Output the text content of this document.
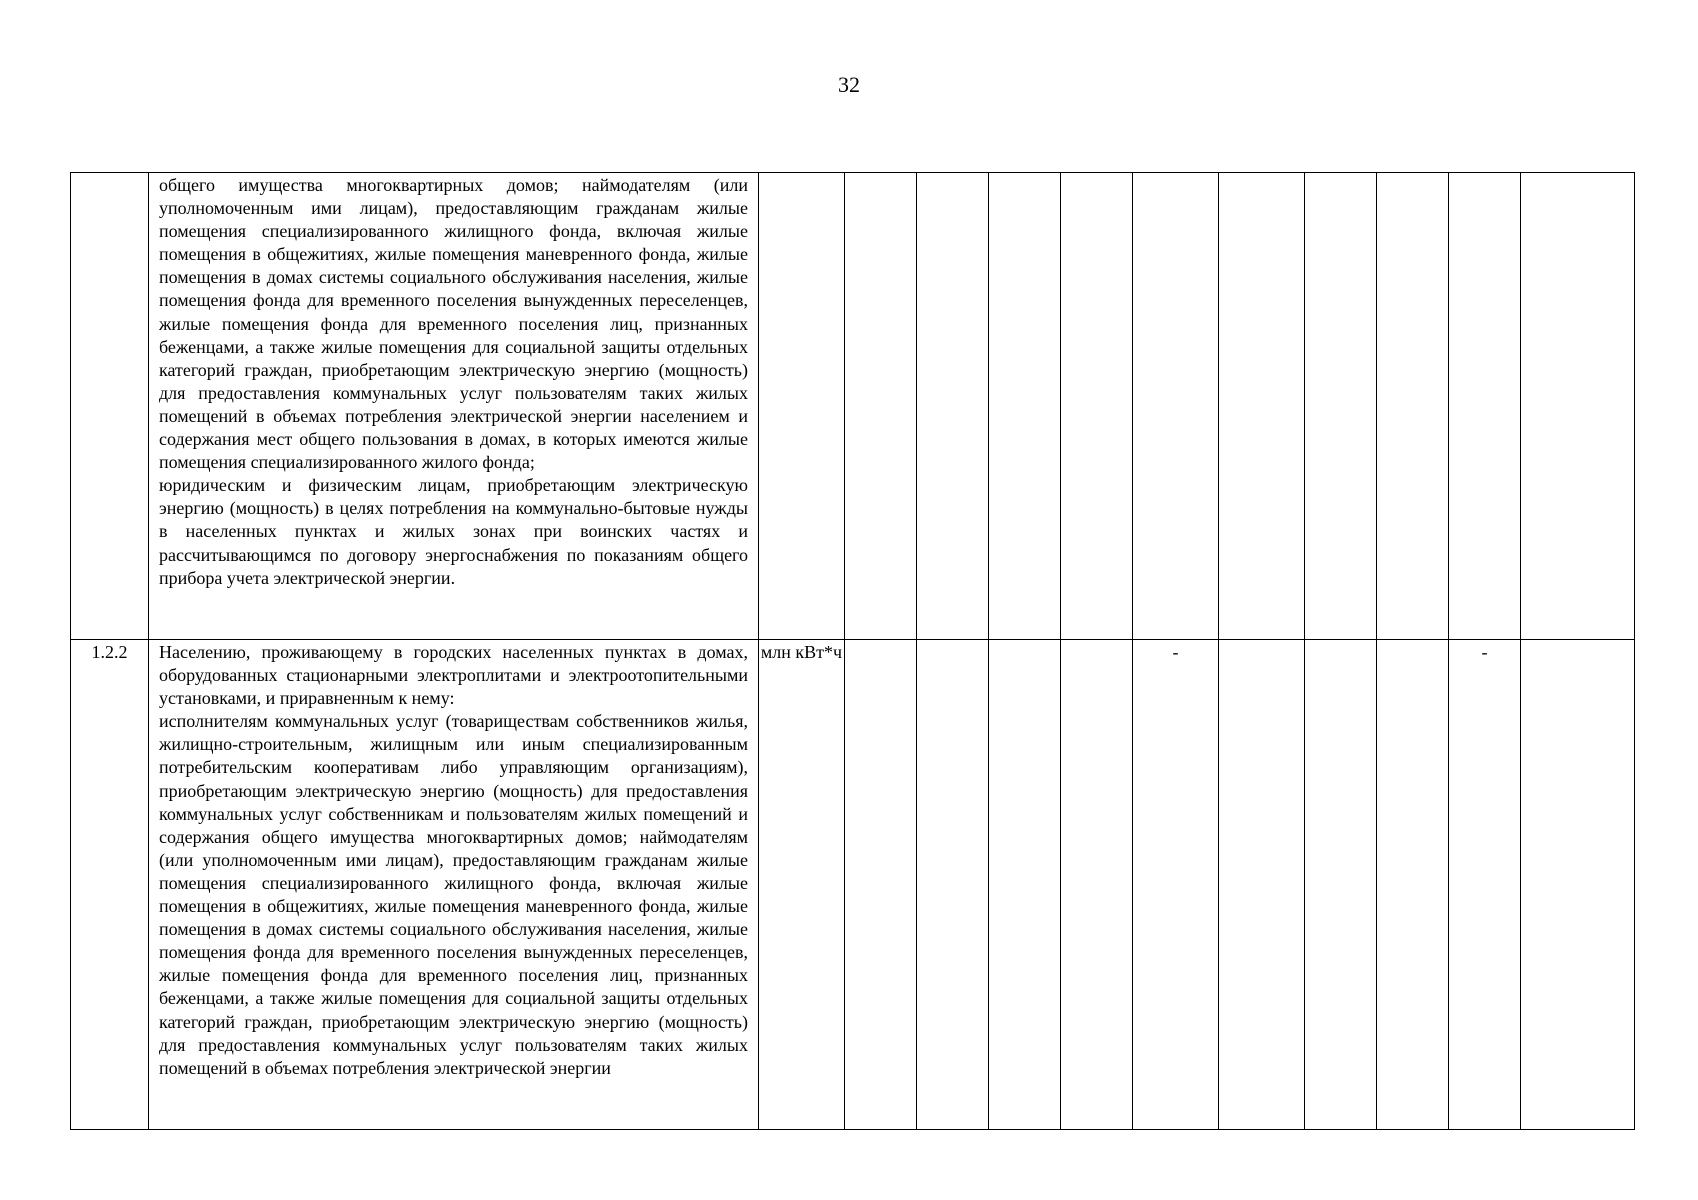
32

	общего имущества многоквартирных домов; наймодателям (или уполномоченным ими лицам), предоставляющим гражданам жилые помещения специализированного жилищного фонда, включая жилые помещения в общежитиях, жилые помещения маневренного фонда, жилые помещения в домах системы социального обслуживания населения, жилые помещения фонда для временного поселения вынужденных переселенцев, жилые помещения фонда для временного поселения лиц, признанных беженцами, а также жилые помещения для социальной защиты отдельных категорий граждан, приобретающим электрическую энергию (мощность) для предоставления коммунальных услуг пользователям таких жилых помещений в объемах потребления электрической энергии населением и содержания мест общего пользования в домах, в которых имеются жилые помещения специализированного жилого фонда;

юридическим и физическим лицам, приобретающим электрическую энергию (мощность) в целях потребления на коммунально-бытовые нужды в населенных пунктах и жилых зонах при воинских частях и рассчитывающимся по договору энергоснабжения по показаниям общего прибора учета электрической энергии.											

1.2.2	Населению, проживающему в городских населенных пунктах в домах, оборудованных стационарными электроплитами и электроотопительными установками, и приравненным к нему:

исполнителям коммунальных услуг (товариществам собственников жилья, жилищно-строительным, жилищным или иным специализированным потребительским кооперативам либо управляющим организациям), приобретающим электрическую энергию (мощность) для предоставления коммунальных услуг собственникам и пользователям жилых помещений и содержания общего имущества многоквартирных домов; наймодателям (или уполномоченным ими лицам), предоставляющим гражданам жилые помещения специализированного жилищного фонда, включая жилые помещения в общежитиях, жилые помещения маневренного фонда, жилые помещения в домах системы социального обслуживания населения, жилые помещения фонда для временного поселения вынужденных переселенцев, жилые помещения фонда для временного поселения лиц, признанных беженцами, а также жилые помещения для социальной защиты отдельных категорий граждан, приобретающим электрическую энергию (мощность) для предоставления коммунальных услуг пользователям таких жилых помещений в объемах потребления электрической энергии	млн кВт*ч					-				-	
